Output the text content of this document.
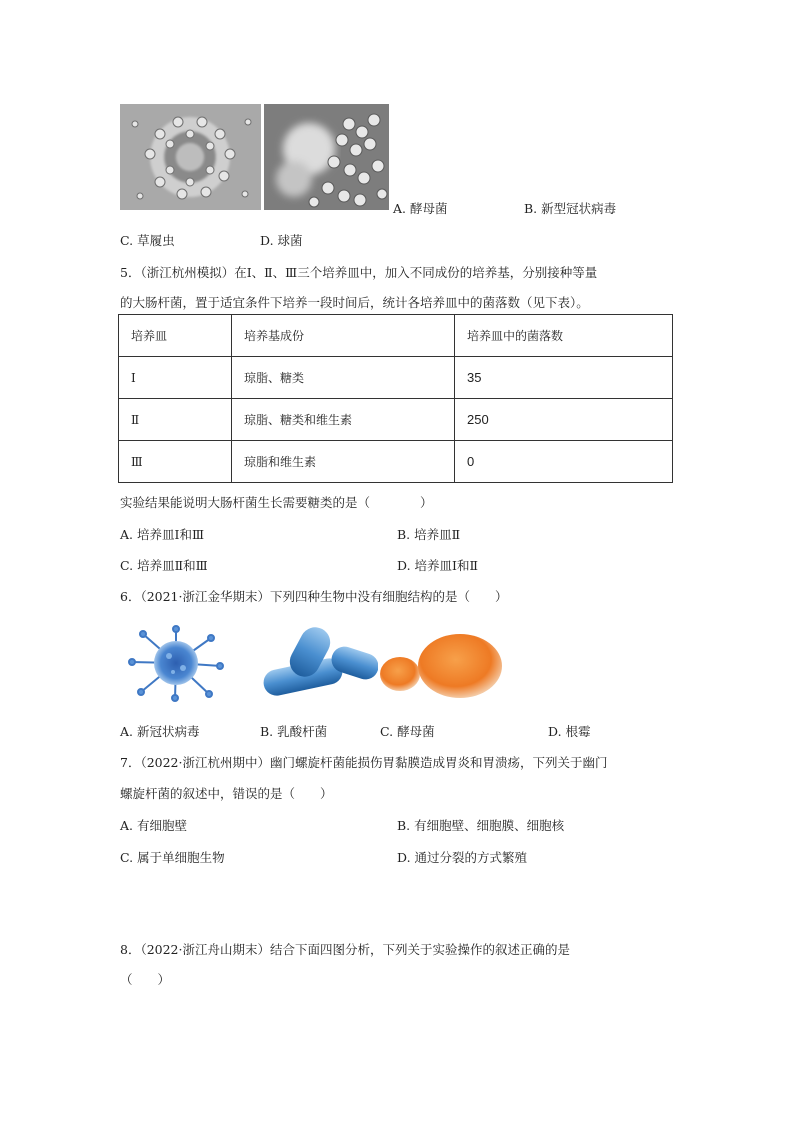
A. 酵母菌	B. 新型冠状病毒
C. 草履虫	D. 球菌
5．（浙江杭州模拟）在Ⅰ、Ⅱ、Ⅲ三个培养皿中，加入不同成份的培养基，分别接种等量
的大肠杆菌，置于适宜条件下培养一段时间后，统计各培养皿中的菌落数（见下表）。
培养皿	培养基成份	培养皿中的菌落数
Ⅰ	琼脂、糖类	35
Ⅱ	琼脂、糖类和维生素	250
Ⅲ	琼脂和维生素	0
实验结果能说明大肠杆菌生长需要糖类的是（　　　　）
A. 培养皿Ⅰ和Ⅲ	B. 培养皿Ⅱ
C. 培养皿Ⅱ和Ⅲ	D. 培养皿Ⅰ和Ⅱ
6．（2021·浙江金华期末）下列四种生物中没有细胞结构的是（　　）
A. 新冠状病毒	B. 乳酸杆菌	C. 酵母菌	D. 根霉
7．（2022·浙江杭州期中）幽门螺旋杆菌能损伤胃黏膜造成胃炎和胃溃疡，下列关于幽门
螺旋杆菌的叙述中，错误的是（　　）
A. 有细胞壁	B. 有细胞壁、细胞膜、细胞核
C. 属于单细胞生物	D. 通过分裂的方式繁殖
8．（2022·浙江舟山期末）结合下面四图分析，下列关于实验操作的叙述正确的是
（　　）
